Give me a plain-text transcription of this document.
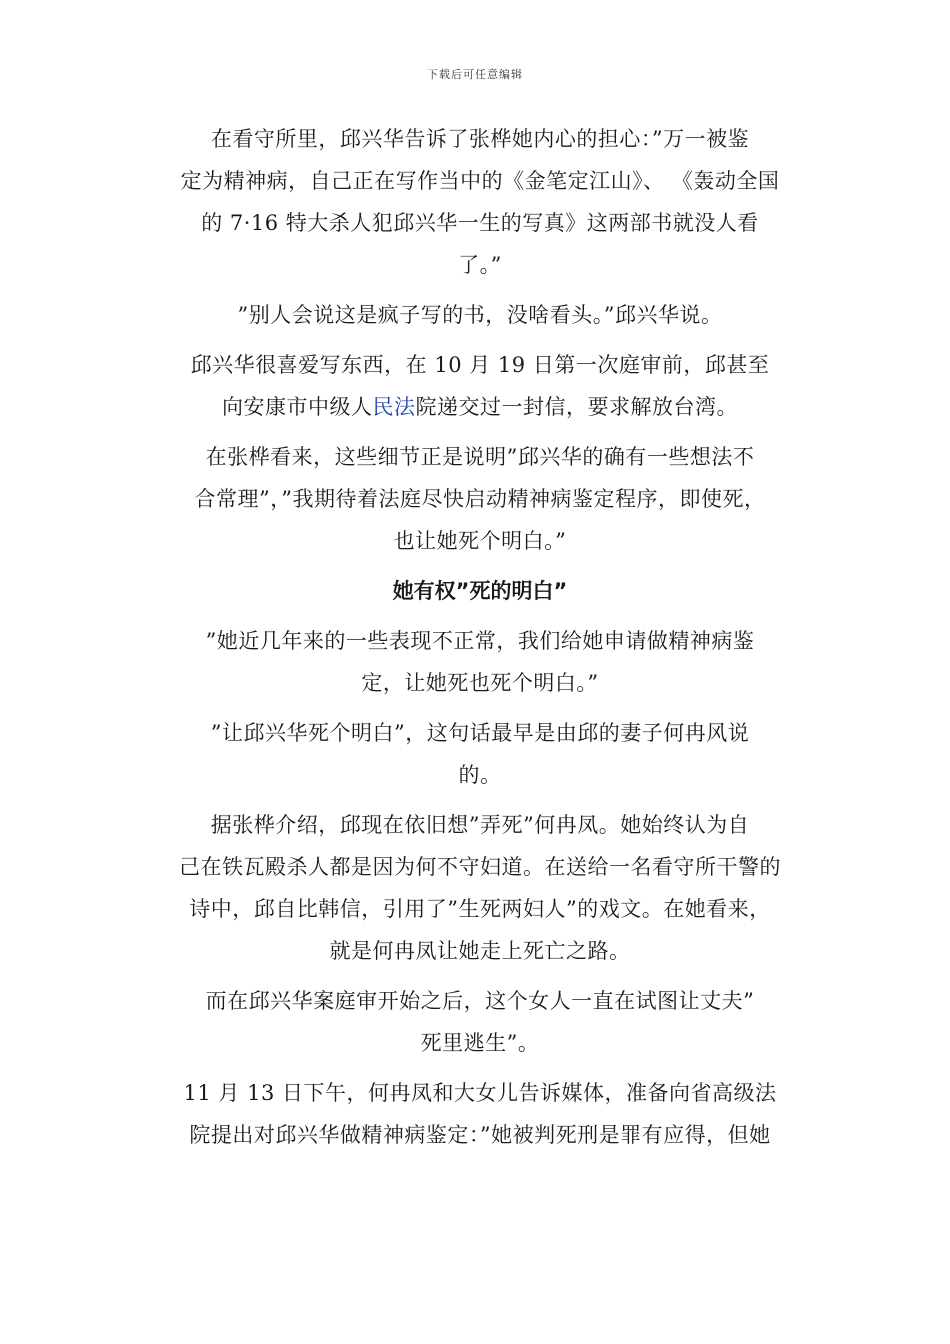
下载后可任意编辑

在看守所里，邱兴华告诉了张桦她内心的担心：”万一被鉴
定为精神病，自己正在写作当中的《金笔定江山》、 《轰动全国
的 7·16 特大杀人犯邱兴华一生的写真》这两部书就没人看
了。”

”别人会说这是疯子写的书，没啥看头。”邱兴华说。

邱兴华很喜爱写东西，在 10 月 19 日第一次庭审前，邱甚至
向安康市中级人民法院递交过一封信，要求解放台湾。

在张桦看来，这些细节正是说明”邱兴华的确有一些想法不
合常理”，”我期待着法庭尽快启动精神病鉴定程序，即使死，
也让她死个明白。”

她有权”死的明白”

”她近几年来的一些表现不正常，我们给她申请做精神病鉴
定，让她死也死个明白。”

”让邱兴华死个明白”，这句话最早是由邱的妻子何冉风说
的。

据张桦介绍，邱现在依旧想”弄死”何冉凤。她始终认为自
己在铁瓦殿杀人都是因为何不守妇道。在送给一名看守所干警的
诗中，邱自比韩信，引用了”生死两妇人”的戏文。在她看来，
就是何冉凤让她走上死亡之路。

而在邱兴华案庭审开始之后，这个女人一直在试图让丈夫”
死里逃生”。

11 月 13 日下午，何冉凤和大女儿告诉媒体，准备向省高级法
院提出对邱兴华做精神病鉴定：”她被判死刑是罪有应得，但她
